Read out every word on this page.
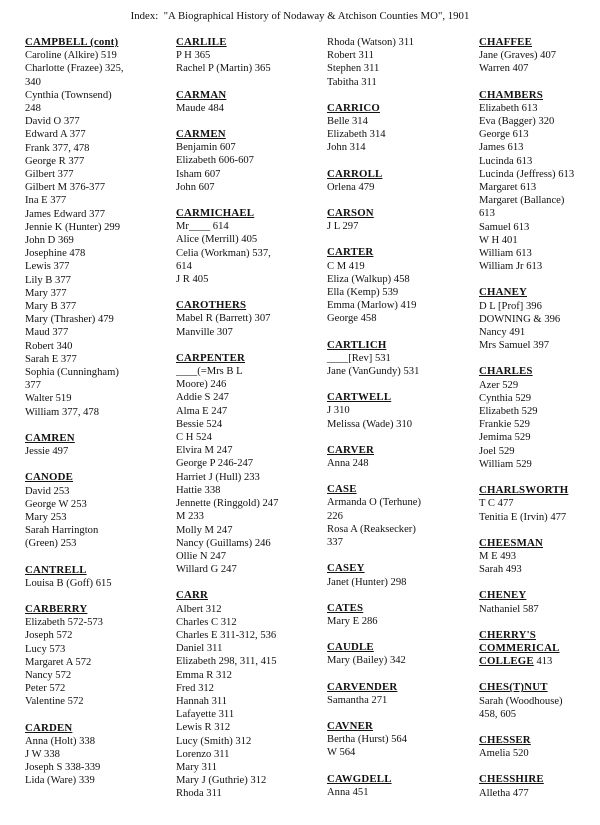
Index:  "A Biographical History of Nodaway & Atchison Counties MO", 1901
CAMPBELL (cont)
Caroline (Alkire) 519
Charlotte (Frazee) 325,
340
Cynthia (Townsend)
248
David O 377
Edward A 377
Frank 377, 478
George R 377
Gilbert 377
Gilbert M 376-377
Ina E 377
James Edward 377
Jennie K (Hunter) 299
John D 369
Josephine 478
Lewis 377
Lily B 377
Mary 377
Mary B 377
Mary (Thrasher) 479
Maud 377
Robert 340
Sarah E 377
Sophia (Cunningham)
377
Walter 519
William 377, 478
CAMREN
Jessie 497
CANODE
David 253
George W 253
Mary 253
Sarah Harrington
(Green) 253
CANTRELL
Louisa B (Goff) 615
CARBERRY
Elizabeth 572-573
Joseph 572
Lucy 573
Margaret A 572
Nancy 572
Peter 572
Valentine 572
CARDEN
Anna (Holt) 338
J W 338
Joseph S 338-339
Lida (Ware) 339
CARLILE
P H 365
Rachel P (Martin) 365
CARMAN
Maude 484
CARMEN
Benjamin 607
Elizabeth 606-607
Isham 607
John 607
CARMICHAEL
Mr____ 614
Alice (Merrill) 405
Celia (Workman) 537,
614
J R 405
CAROTHERS
Mabel R (Barrett) 307
Manville 307
CARPENTER
____(=Mrs B L
Moore) 246
Addie S 247
Alma E 247
Bessie 524
C H 524
Elvira M 247
George P 246-247
Harriet J (Hull) 233
Hattie 338
Jennette (Ringgold) 247
M 233
Molly M 247
Nancy (Guillams) 246
Ollie N 247
Willard G 247
CARR
Albert 312
Charles C 312
Charles E 311-312, 536
Daniel 311
Elizabeth 298, 311, 415
Emma R 312
Fred 312
Hannah 311
Lafayette 311
Lewis R 312
Lucy (Smith) 312
Lorenzo 311
Mary 311
Mary J (Guthrie) 312
Rhoda 311
Rhoda (Watson) 311
Robert 311
Stephen 311
Tabitha 311
CARRICO
Belle 314
Elizabeth 314
John 314
CARROLL
Orlena 479
CARSON
J L 297
CARTER
C M 419
Eliza (Walkup) 458
Ella (Kemp) 539
Emma (Marlow) 419
George 458
CARTLICH
____[Rev] 531
Jane (VanGundy) 531
CARTWELL
J 310
Melissa (Wade) 310
CARVER
Anna 248
CASE
Armanda O (Terhune)
226
Rosa A (Reaksecker)
337
CASEY
Janet (Hunter) 298
CATES
Mary E 286
CAUDLE
Mary (Bailey) 342
CARVENDER
Samantha 271
CAVNER
Bertha (Hurst) 564
W 564
CAWGDELL
Anna 451
CHAFFEE
Jane (Graves) 407
Warren 407
CHAMBERS
Elizabeth 613
Eva (Bagger) 320
George 613
James 613
Lucinda 613
Lucinda (Jeffress) 613
Margaret 613
Margaret (Ballance)
613
Samuel 613
W H 401
William 613
William Jr 613
CHANEY
D L [Prof] 396
DOWNING & 396
Nancy 491
Mrs Samuel 397
CHARLES
Azer 529
Cynthia 529
Elizabeth 529
Frankie 529
Jemima 529
Joel 529
William 529
CHARLSWORTH
T C 477
Tenitia E (Irvin) 477
CHEESMAN
M E 493
Sarah 493
CHENEY
Nathaniel 587
CHERRY'S
COMMERICAL
COLLEGE 413
CHES(T)NUT
Sarah (Woodhouse)
458, 605
CHESSER
Amelia 520
CHESSHIRE
Alletha 477
